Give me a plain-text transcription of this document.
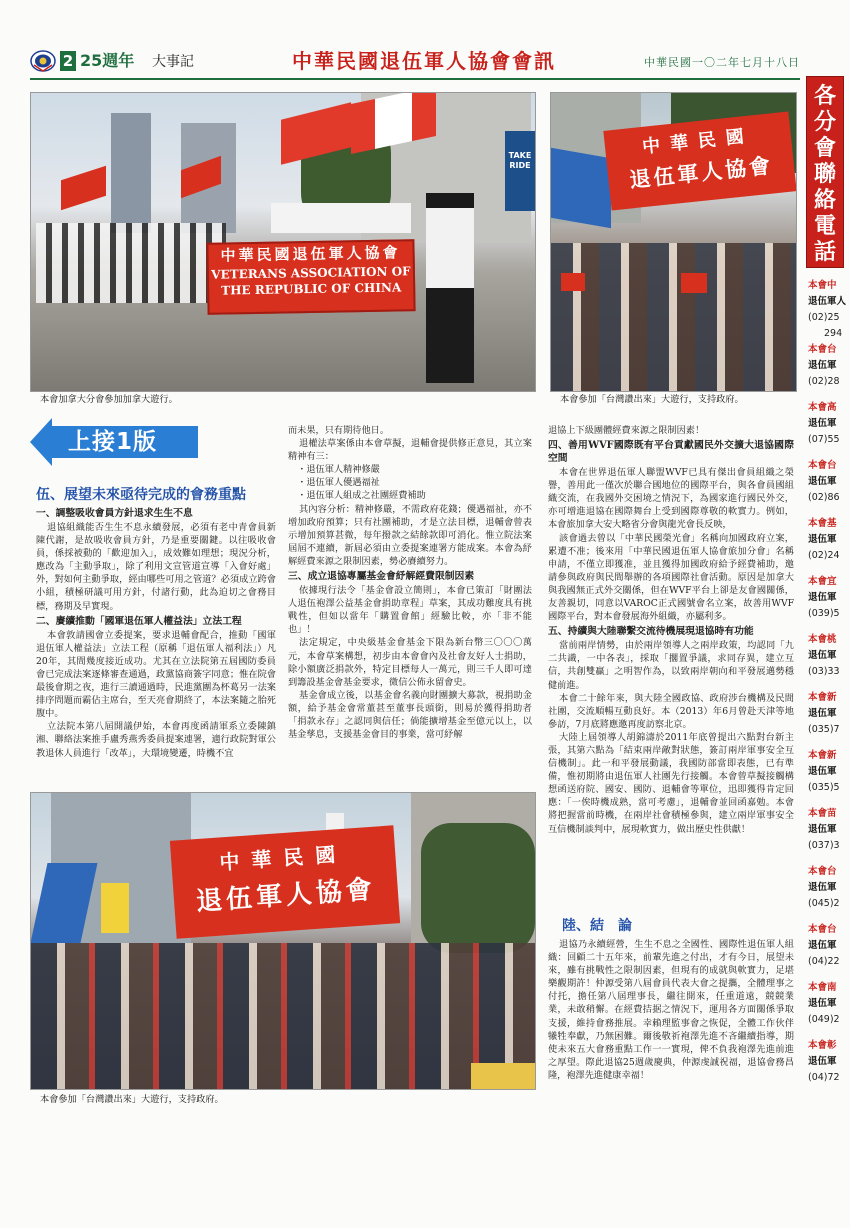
2 25週年 大事記	中華民國退伍軍人協會會訊	中華民國一〇二年七月十八日
TAKE
RIDE
中華民國退伍軍人協會
VETERANS ASSOCIATION OF
THE REPUBLIC OF CHINA
本會加拿大分會參加加拿大遊行。
中華民國
退伍軍人協會
本會參加「台灣讚出來」大遊行，支持政府。
上接1版
伍、展望未來亟待完成的會務重點
一、調整吸收會員方針退求生生不息

退協組織能否生生不息永續發展，必須有老中青會員新陳代謝，是故吸收會員方針，乃是重要關鍵。以往吸收會員，係採被動的「歡迎加入」，成效難如理想；現況分析，應改為「主動爭取」，除了利用文宣管道宣導「入會好處」外，對如何主動爭取，經由哪些可用之管道？必須成立跨會小組，積極研議可用方針，付諸行動，此為迫切之會務目標，務期及早實現。

二、賡續推動「國軍退伍軍人權益法」立法工程

本會敦請國會立委提案，要求退輔會配合，推動「國軍退伍軍人權益法」立法工程（原稱「退伍軍人福利法」）凡20年，其間幾度接近成功。尤其在立法院第五屆國防委員會已完成法案逐條審查通過，政黨協商簽字同意；惟在院會最後會期之夜，進行三讀通過時，民進黨團為杯葛另一法案排序問題而霸佔主席台，至天亮會期終了，本法案隨之胎死腹中。

立法院本第八屆開議伊始，本會再度函請軍系立委陳鎮湘、聯絡法案推手盧秀燕秀委員提案連署，適行政院對軍公教退休人員進行「改革」，大環境變遷，時機不宜

而未果，只有期待他日。

退權法草案係由本會草擬，退輔會提供修正意見，其立案精神有三：

・退伍軍人精神修嚴
・退伍軍人優遇福祉
・退伍軍人組成之社團經費補助

其內容分析：精神修嚴，不需政府花錢；優遇福祉，亦不增加政府預算；只有社團補助，才是立法目標，退輔會曾表示增加預算甚微，每年撥款之結餘款即可消化。惟立院法案屆屆不連續，新屆必須由立委提案連署方能成案。本會為紓解經費來源之限制因素，勢必賡續努力。

三、成立退協專屬基金會紓解經費限制因素

依據現行法令「基金會設立簡則」，本會已策訂「財團法人退伍袍澤公益基金會捐助章程」草案，其成功難度具有挑戰性，但如以當年「購置會館」經驗比較，亦「非不能也」！

法定規定，中央級基金會基金下限為新台幣三〇〇〇萬元，本會草案構想，初步由本會會內及社會友好人士捐助，除小額廣泛捐款外，特定目標每人一萬元，則三千人即可達到籌設基金會基金要求，微信公佈永留會史。

基金會成立後，以基金會名義向財團擴大募款，視捐助金額，給予基金會常董甚至董事長頭銜，則易於獲得捐助者「捐款永存」之認同與信任；倘能擴增基金至億元以上，以基金孳息，支援基金會目的事業，當可紓解

退協上下級團體經費來源之限制因素！

四、善用WVF國際既有平台貢獻國民外交擴大退協國際空間

本會在世界退伍軍人聯盟WVF已具有傑出會員組織之榮譽，善用此一僅次於聯合國地位的國際平台，與各會員國組織交流，在我國外交困境之情況下，為國家進行國民外交，亦可增進退協在國際舞台上受到國際尊敬的軟實力。例如，本會旅加拿大安大略省分會與龍光會長反映，

該會過去曾以「中華民國榮光會」名稱向加國政府立案，累遭不准；後來用「中華民國退伍軍人協會旅加分會」名稱申請，不僅立即獲准，並且獲得加國政府給予經費補助，邀請參與政府與民間舉辦的各項國際社會活動。原因是加拿大與我國無正式外交關係，但在WVF平台上卻是友會國關係，友善親切，同意以VAROC正式國號會名立案，故善用WVF國際平台，對本會發展海外組織，亦屬利多。

五、持續與大陸聯繫交流待機展現退協時有功能

當前兩岸情勢，由於兩岸領導人之兩岸政策，均認同「九二共識，一中各表」，採取「擱置爭議，求同存異，建立互信，共創雙贏」之明智作為，以致兩岸朝向和平發展邁勢穩健前進。

本會二十餘年來，與大陸全國政協、政府涉台機構及民間社團，交流順暢互動良好。本（2013）年6月曾赴天津等地參訪，7月底將應邀再度訪察北京。

大陸上屆領導人胡錦濤於2011年底曾提出六點對台新主張，其第六點為「結束兩岸敵對狀態，簽訂兩岸軍事安全互信機制」。此一和平發展動議，我國防部當即表態，已有準備，惟初期將由退伍軍人社團先行接觸。本會曾草擬接觸構想函送府院、國安、國防、退輔會等單位，迅即獲得肯定回應：「一俟時機成熟，當可考慮」，退輔會並回函嘉勉。本會將把握當前時機，在兩岸社會積極參與，建立兩岸軍事安全互信機制談判中，展現軟實力，做出歷史性供獻！

陸、結　論

退協乃永續經營，生生不息之全國性、國際性退伍軍人組織：回顧二十五年來，前輩先進之付出，才有今日，展望未來，雖有挑戰性之限制因素，但現有的成就與軟實力，足堪樂觀期許！仲源受第八屆會員代表大會之提攜，全體理事之付托，擔任第八屆理事長，繼往開來，任重道遠，競競業業，未敢稍懈。在經費拮据之情況下，運用各方面關係爭取支援，維持會務推展。幸賴理監事會之恢促，全體工作伙伴犧牲奉獻，乃無困難。爾後敬祈袍澤先進不吝繼續指導，期使未來五大會務重點工作一一實現，俾不負我袍澤先進前進之厚望。際此退協25週歲慶典，仲源虔誠祝福，退協會務昌隆，袍澤先進健康幸福！

中華民國
退伍軍人協會
本會參加「台灣讚出來」大遊行，支持政府。
各
分
會
聯
絡
電
話
本會中
退伍軍人
(02)25
294
本會台
退伍軍
(02)28
本會高
退伍軍
(07)55
本會台
退伍軍
(02)86
本會基
退伍軍
(02)24
本會宜
退伍軍
(039)5
本會桃
退伍軍
(03)33
本會新
退伍軍
(035)7
本會新
退伍軍
(035)5
本會苗
退伍軍
(037)3
本會台
退伍軍
(045)2
本會台
退伍軍
(04)22
本會南
退伍軍
(049)2
本會彰
退伍軍
(04)72
